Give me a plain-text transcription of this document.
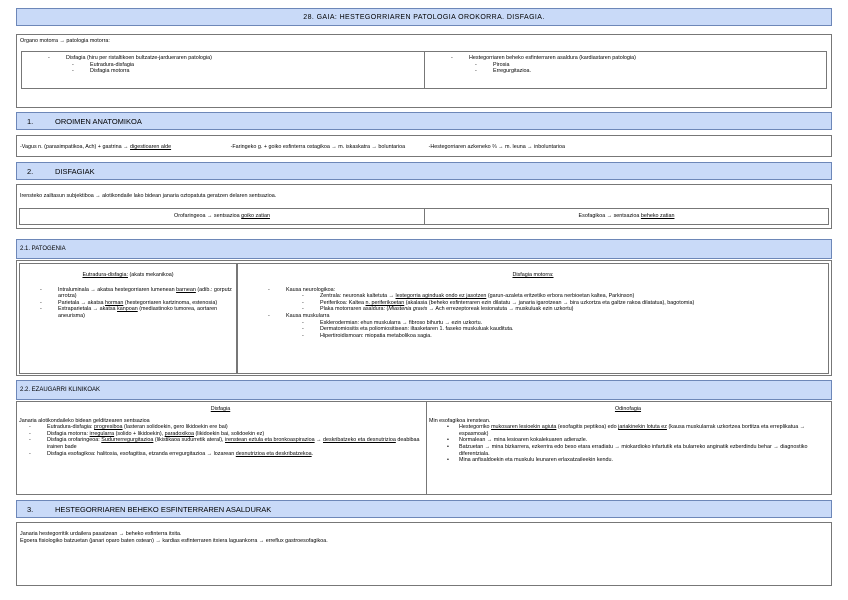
28. GAIA: HESTEGORRIAREN PATOLOGIA OROKORRA. DISFAGIA.
Organo motorra → patologia motorra:
- Disfagia (hiru per ristaltikoen bultzatze-jardueraren patologia)
- Eutradura-disfagia
- Disfagia motorra
- Hestegorriaren beheko esfinterraren asaldura (kardiastaren patologia)
- Pirosia
- Erregurgitazioa.
1.	OROIMEN ANATOMIKOA
-Vagus n. (parasimpatikoa, Ach) + gastrina → digestioaren alde	-Faringeko g. + goiko esfinterra ostagikoa → m. iskaskatra → boluntarioa	-Hestegorriaren azkeneko ⅔ → m. leuna → inboluntarioa
2.	DISFAGIAK
Irensteko zailtasun subjektiboa → alotikondaile lako bidean janaria oztopatuta geratzen delaren sentsazioa.
Orofaringeoa → sentsazioa goiko zatian	Esofagikoa → sentsazioa beheko zatian
2.1. PATOGENIA
Eutradura-disfagia: (akats mekanikoa)
- Intraluminala → akatsa hestegorriaren lumenean barnean (adib.: gorputz arrotza)
- Parietala → akatsa horman (hestegorriaren kartzinoma, estenosia)
- Extraparietala → akatsa kanpoan (mediastinoko tumorea, aortaren aneurisma)
Disfagia motorra:
- Kausa neurologikoa:
- Zentrala: neuronak kaltetuta → lestegorria aginduak ondo ez jasotzen (garun-azaleta eritzetiko erbora nerbioetan kaltea, Parkinson)
- Periferikoa: Kaltea n. periferikoetan (akalasia (beheko esfinterraren ezin dilatatu → janaria igarotzean → bira uzkortza eta galtze rakoa dilatatua), bagotomia)
- Plaka motorraren asaldura: (Miastenia gravis → Ach errezeptoreak lesionatuta → muskuluak ezin uzkortu)
- Kausa muskularra
- Esklerodermian: ehun muskularra → fibroso bihurtu → ezin uzkortu.
- Dermatomiositis eta poliomiositisean: iltasketaren 1. faseko muskuluak kaudituta.
- Hipertiroidismoan: miopatia metabolikoa sagia.
2.2. EZAUGARRI KLINIKOAK
Disfagia
Janaria alotikondaileko bidean gelditzearen sentsazioa
- Eutradura-disfagia: progresiboa (lasteran solidoekin, gero likidoekin ere bai)
- Disfagia motorra: irregularra (solido + likidoekin), paradoxikoa (likidoekin bai, solidoekin ez)
- Disfagia orofaringeoa: Sudurrerregurgitazioa (likistikaoa sudurretik ateral), irenstean eztula eta bronkoaspirazioa → deskribatzeko eta desnutrizioa deabibaa irainen bade
- Disfagia esofagikoa: halitosia, esofagitisa, etzanda erregurgitazioa → lozarean desnutrizioa eta deskribatzekoa.
Odinofagia
Min esofagikoa irenstean.
• Hestegorriko mukosaren lesioekin agiuta (esofagitis peptikoa) edo jariakinekin lotuta ez (kausa muskularrak uzkortzea bortitza eta erreplikatua → espasmoak)
• Normalean → mina lesioaren kokalekuaren adierazle.
• Batzuetan → mina bizkarrera, ezkerrira edo beso etara erradiatu → miokardioko infartutik eta bularreko anginatik ezberdindu behar → diagnostiko diferentziala.
• Mina anfisaldoekin eta muskulu leunaren erlaxatzaileekin kendu.
3.	HESTEGORRIAREN BEHEKO ESFINTERRAREN ASALDURAK
Janaria hestegorritik urdailera pasatzean → beheko esfinterra itxita.
Egoera fisiologiko batzuetan (janari oparo baten ostean) → kardias esfinterraren itxiera laguankorra → erreflux gastroesofagikoa.
